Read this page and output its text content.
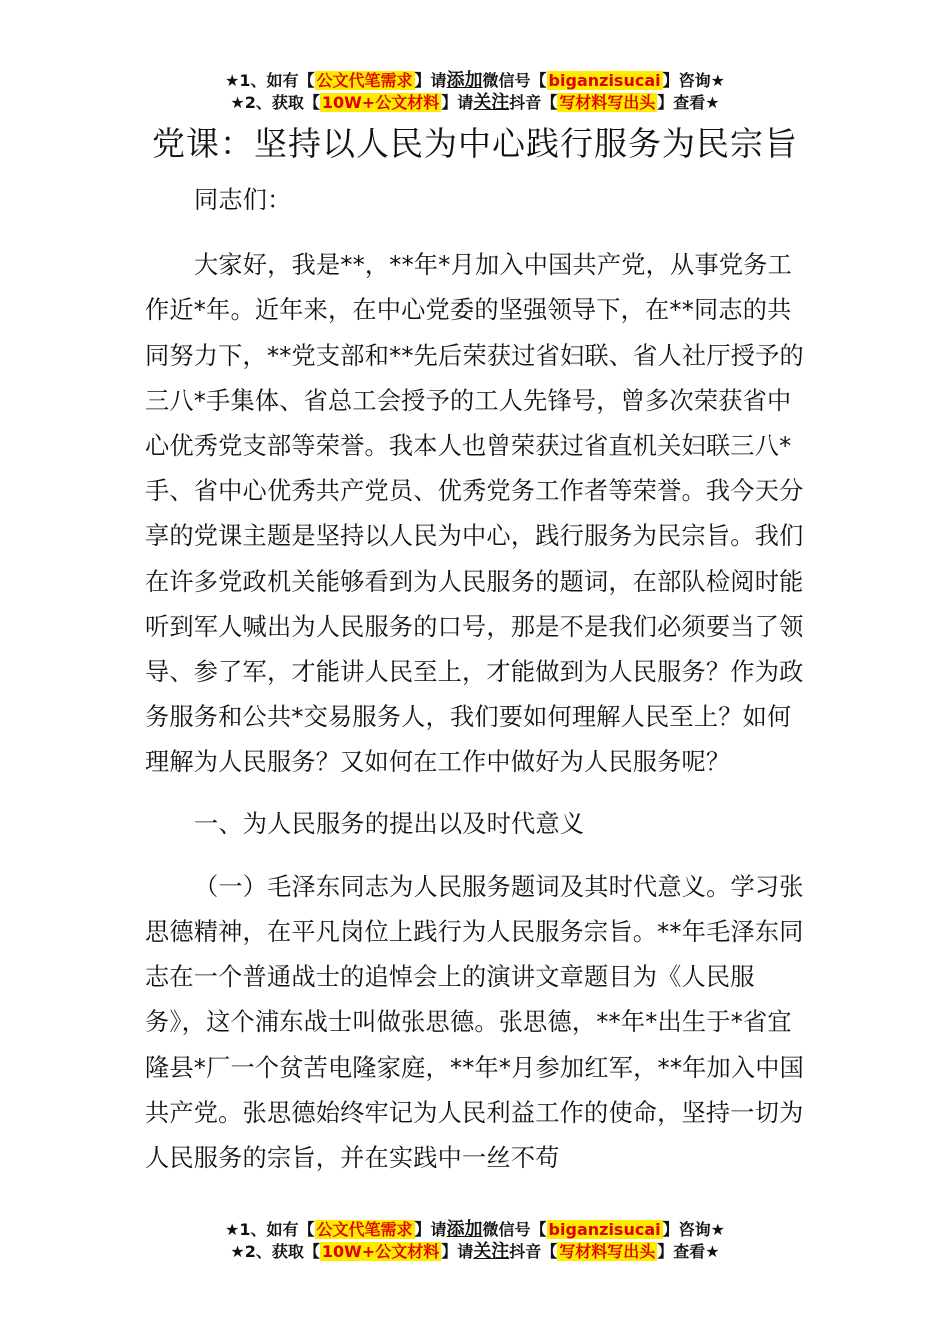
★1、如有【 公文代笔需求 】请添加微信号【 biganzisucai 】咨询★
★2、获取【 10W+公文材料 】请关注抖音【 写材料写出头 】查看★
党课：坚持以人民为中心践行服务为民宗旨

同志们：

大家好，我是**，**年*月加入中国共产党，从事党务工作近*年。近年来，在中心党委的坚强领导下，在**同志的共同努力下，**党支部和**先后荣获过省妇联、省人社厅授予的三八*手集体、省总工会授予的工人先锋号，曾多次荣获省中心优秀党支部等荣誉。我本人也曾荣获过省直机关妇联三八*手、省中心优秀共产党员、优秀党务工作者等荣誉。我今天分享的党课主题是坚持以人民为中心，践行服务为民宗旨。我们在许多党政机关能够看到为人民服务的题词，在部队检阅时能听到军人喊出为人民服务的口号，那是不是我们必须要当了领导、参了军，才能讲人民至上，才能做到为人民服务？作为政务服务和公共*交易服务人，我们要如何理解人民至上？如何理解为人民服务？又如何在工作中做好为人民服务呢？

一、为人民服务的提出以及时代意义

（一）毛泽东同志为人民服务题词及其时代意义。学习张思德精神，在平凡岗位上践行为人民服务宗旨。**年毛泽东同志在一个普通战士的追悼会上的演讲文章题目为《人民服务》，这个浦东战士叫做张思德。张思德，**年*出生于*省宜隆县*厂一个贫苦电隆家庭，**年*月参加红军，**年加入中国共产党。张思德始终牢记为人民利益工作的使命，坚持一切为人民服务的宗旨，并在实践中一丝不苟

★1、如有【 公文代笔需求 】请添加微信号【 biganzisucai 】咨询★
★2、获取【 10W+公文材料 】请关注抖音【 写材料写出头 】查看★
